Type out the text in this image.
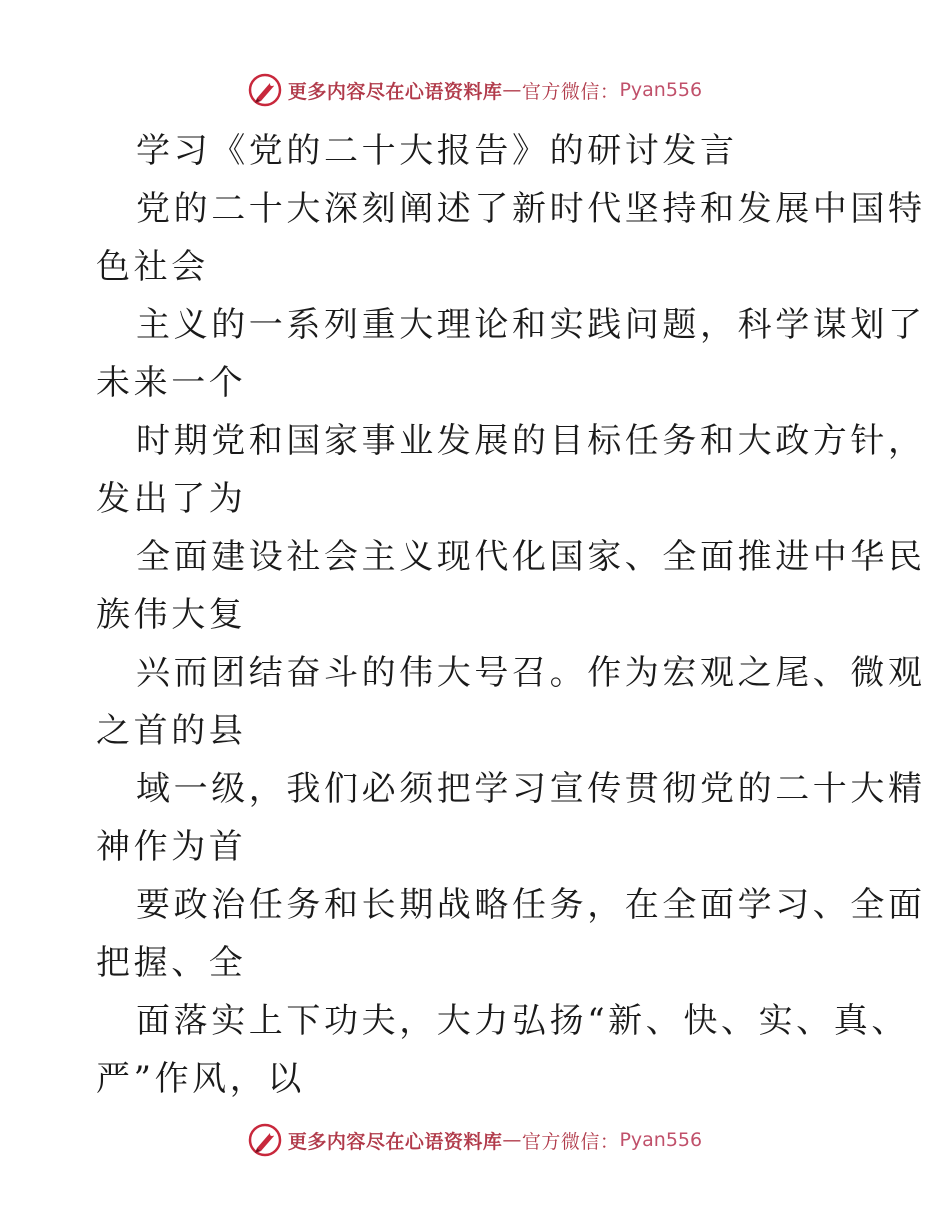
更多内容尽在心语资料库 — 官方微信： Pyan556
学习《党的二十大报告》的研讨发言
党的二十大深刻阐述了新时代坚持和发展中国特
色社会
主义的一系列重大理论和实践问题，科学谋划了
未来一个
时期党和国家事业发展的目标任务和大政方针，
发出了为
全面建设社会主义现代化国家、全面推进中华民
族伟大复
兴而团结奋斗的伟大号召。作为宏观之尾、微观
之首的县
域一级，我们必须把学习宣传贯彻党的二十大精
神作为首
要政治任务和长期战略任务，在全面学习、全面
把握、全
面落实上下功夫，大力弘扬“新、快、实、真、
严”作风，以
更多内容尽在心语资料库 — 官方微信： Pyan556
